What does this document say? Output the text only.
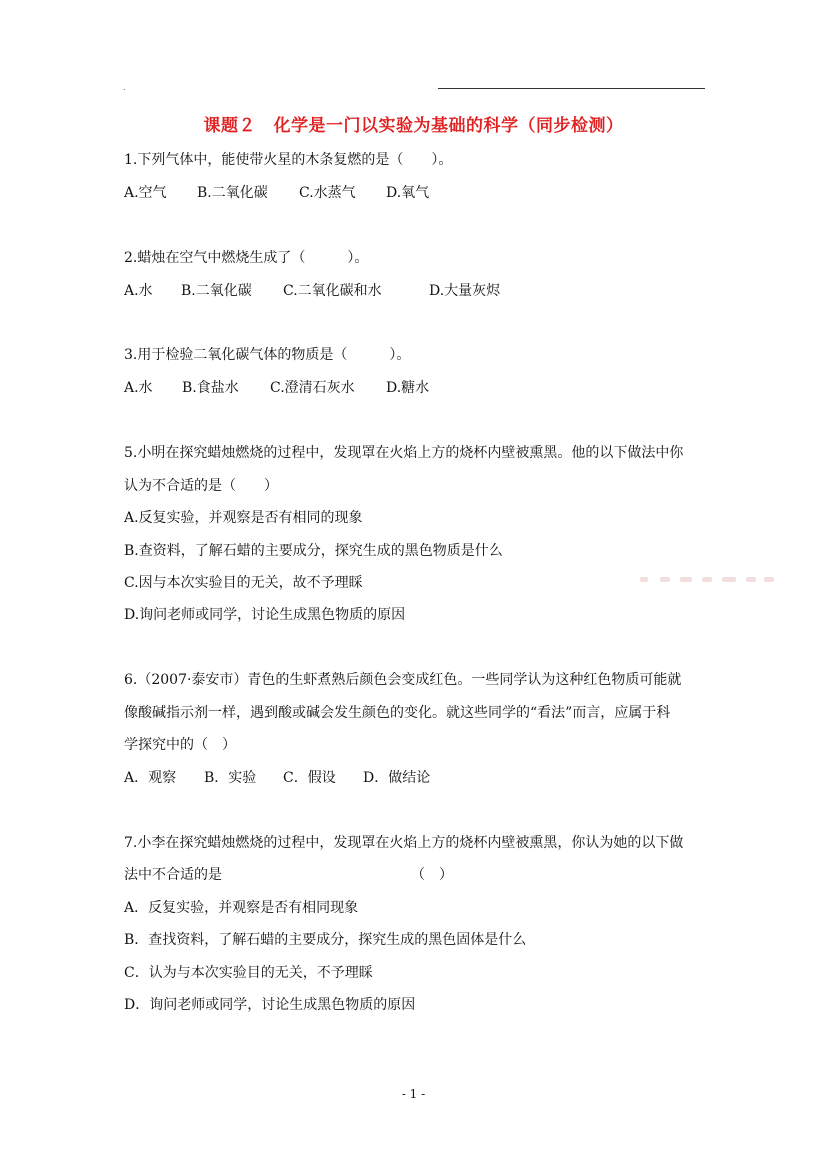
.
课题２　化学是一门以实验为基础的科学（同步检测）
1.下列气体中，能使带火星的木条复燃的是（　　）。
A.空气 B.二氧化碳 C.水蒸气 D.氧气
2.蜡烛在空气中燃烧生成了（　　　）。
A.水 B.二氧化碳 C.二氧化碳和水	D.大量灰烬
3.用于检验二氧化碳气体的物质是（　　　）。
A.水 B.食盐水 C.澄清石灰水 D.糖水
5.小明在探究蜡烛燃烧的过程中，发现罩在火焰上方的烧杯内壁被熏黑。他的以下做法中你
认为不合适的是（　　）
A.反复实验，并观察是否有相同的现象
B.查资料，了解石蜡的主要成分，探究生成的黑色物质是什么
C.因与本次实验目的无关，故不予理睬
D.询问老师或同学，讨论生成黑色物质的原因
6.（2007·泰安市）青色的生虾煮熟后颜色会变成红色。一些同学认为这种红色物质可能就
像酸碱指示剂一样，遇到酸或碱会发生颜色的变化。就这些同学的“看法”而言，应属于科
学探究中的（　）
A．观察 B．实验 C．假设 D．做结论
7.小李在探究蜡烛燃烧的过程中，发现罩在火焰上方的烧杯内壁被熏黑，你认为她的以下做
法中不合适的是　　　　　　　　　　　　　　（　）
A．反复实验，并观察是否有相同现象
B．查找资料，了解石蜡的主要成分，探究生成的黑色固体是什么
C．认为与本次实验目的无关，不予理睬
D．询问老师或同学，讨论生成黑色物质的原因
- 1 -
